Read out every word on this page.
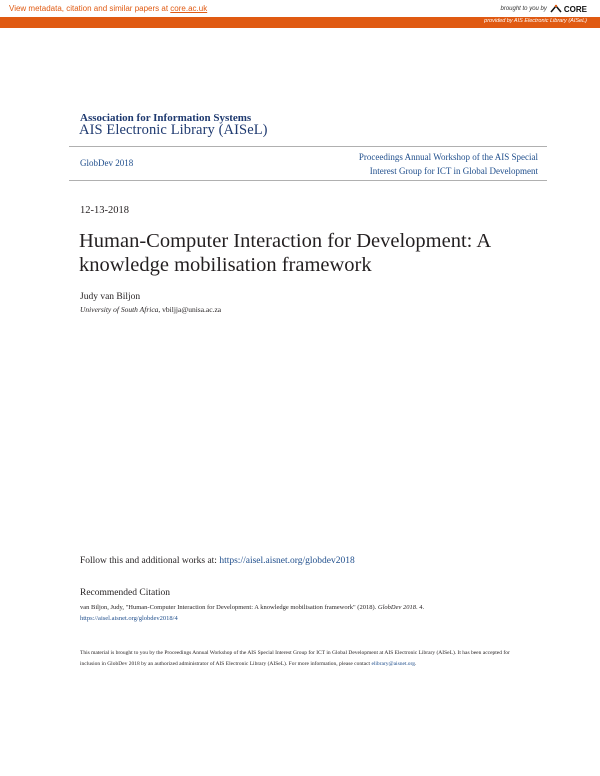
View metadata, citation and similar papers at core.ac.uk	brought to you by CORE
provided by AIS Electronic Library (AISeL)
Association for Information Systems
AIS Electronic Library (AISeL)
GlobDev 2018
Proceedings Annual Workshop of the AIS Special
Interest Group for ICT in Global Development
12-13-2018
Human-Computer Interaction for Development: A knowledge mobilisation framework
Judy van Biljon
University of South Africa, vbiljja@unisa.ac.za
Follow this and additional works at: https://aisel.aisnet.org/globdev2018
Recommended Citation
van Biljon, Judy, "Human-Computer Interaction for Development: A knowledge mobilisation framework" (2018). GlobDev 2018. 4.
https://aisel.aisnet.org/globdev2018/4
This material is brought to you by the Proceedings Annual Workshop of the AIS Special Interest Group for ICT in Global Development at AIS Electronic Library (AISeL). It has been accepted for inclusion in GlobDev 2018 by an authorized administrator of AIS Electronic Library (AISeL). For more information, please contact elibrary@aisnet.org.
